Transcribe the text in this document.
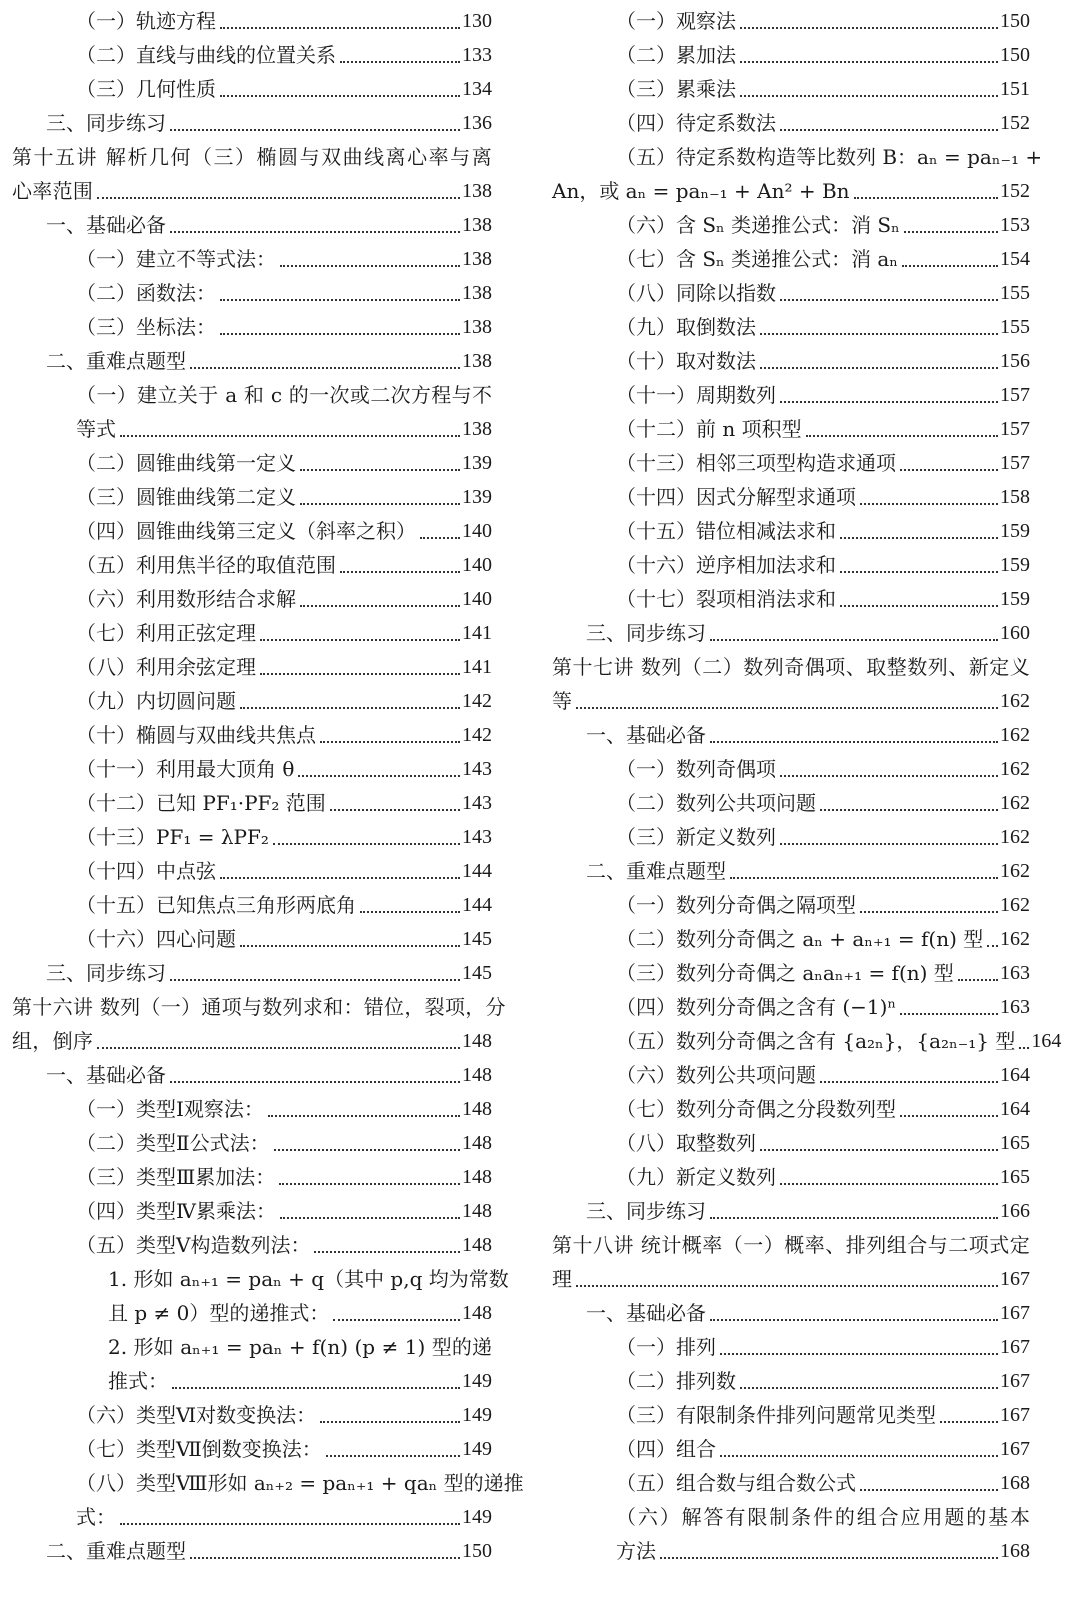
（一）轨迹方程	130
（二）直线与曲线的位置关系	133
（三）几何性质	134
三、同步练习	136
第十五讲 解析几何（三）椭圆与双曲线离心率与离
心率范围	138
一、基础必备	138
（一）建立不等式法：	138
（二）函数法：	138
（三）坐标法：	138
二、重难点题型	138
（一）建立关于 a 和 c 的一次或二次方程与不
等式	138
（二）圆锥曲线第一定义	139
（三）圆锥曲线第二定义	139
（四）圆锥曲线第三定义（斜率之积） 140
（五）利用焦半径的取值范围	140
（六）利用数形结合求解	140
（七）利用正弦定理	141
（八）利用余弦定理	141
（九）内切圆问题	142
（十）椭圆与双曲线共焦点	142
（十一）利用最大顶角 θ	143
（十二）已知 PF₁·PF₂ 范围	143
（十三）PF₁ = λPF₂	143
（十四）中点弦	144
（十五）已知焦点三角形两底角	144
（十六）四心问题	145
三、同步练习	145
第十六讲 数列（一）通项与数列求和：错位，裂项，分
组，倒序	148
一、基础必备	148
（一）类型Ⅰ观察法：	148
（二）类型Ⅱ公式法：	148
（三）类型Ⅲ累加法：	148
（四）类型Ⅳ累乘法：	148
（五）类型Ⅴ构造数列法：	148
1. 形如 aₙ₊₁ = paₙ + q（其中 p,q 均为常数
且 p ≠ 0）型的递推式：	148
2. 形如 aₙ₊₁ = paₙ + f(n) (p ≠ 1) 型的递
推式：	149
（六）类型Ⅵ对数变换法：	149
（七）类型Ⅶ倒数变换法：	149
（八）类型Ⅷ形如 aₙ₊₂ = paₙ₊₁ + qaₙ 型的递推
式：	149
二、重难点题型	150
（一）观察法	150
（二）累加法	150
（三）累乘法	151
（四）待定系数法	152
（五）待定系数构造等比数列 B：aₙ = paₙ₋₁ +
An，或 aₙ = paₙ₋₁ + An² + Bn	152
（六）含 Sₙ 类递推公式：消 Sₙ	153
（七）含 Sₙ 类递推公式：消 aₙ	154
（八）同除以指数	155
（九）取倒数法	155
（十）取对数法	156
（十一）周期数列	157
（十二）前 n 项积型	157
（十三）相邻三项型构造求通项	157
（十四）因式分解型求通项	158
（十五）错位相减法求和	159
（十六）逆序相加法求和	159
（十七）裂项相消法求和	159
三、同步练习	160
第十七讲 数列（二）数列奇偶项、取整数列、新定义
等	162
一、基础必备	162
（一）数列奇偶项	162
（二）数列公共项问题	162
（三）新定义数列	162
二、重难点题型	162
（一）数列分奇偶之隔项型	162
（二）数列分奇偶之 aₙ + aₙ₊₁ = f(n) 型 162
（三）数列分奇偶之 aₙaₙ₊₁ = f(n) 型 163
（四）数列分奇偶之含有 (−1)ⁿ	163
（五）数列分奇偶之含有 {a₂ₙ}，{a₂ₙ₋₁} 型 164
（六）数列公共项问题	164
（七）数列分奇偶之分段数列型	164
（八）取整数列	165
（九）新定义数列	165
三、同步练习	166
第十八讲 统计概率（一）概率、排列组合与二项式定
理	167
一、基础必备	167
（一）排列	167
（二）排列数	167
（三）有限制条件排列问题常见类型	167
（四）组合	167
（五）组合数与组合数公式	168
（六）解答有限制条件的组合应用题的基本
方法	168
